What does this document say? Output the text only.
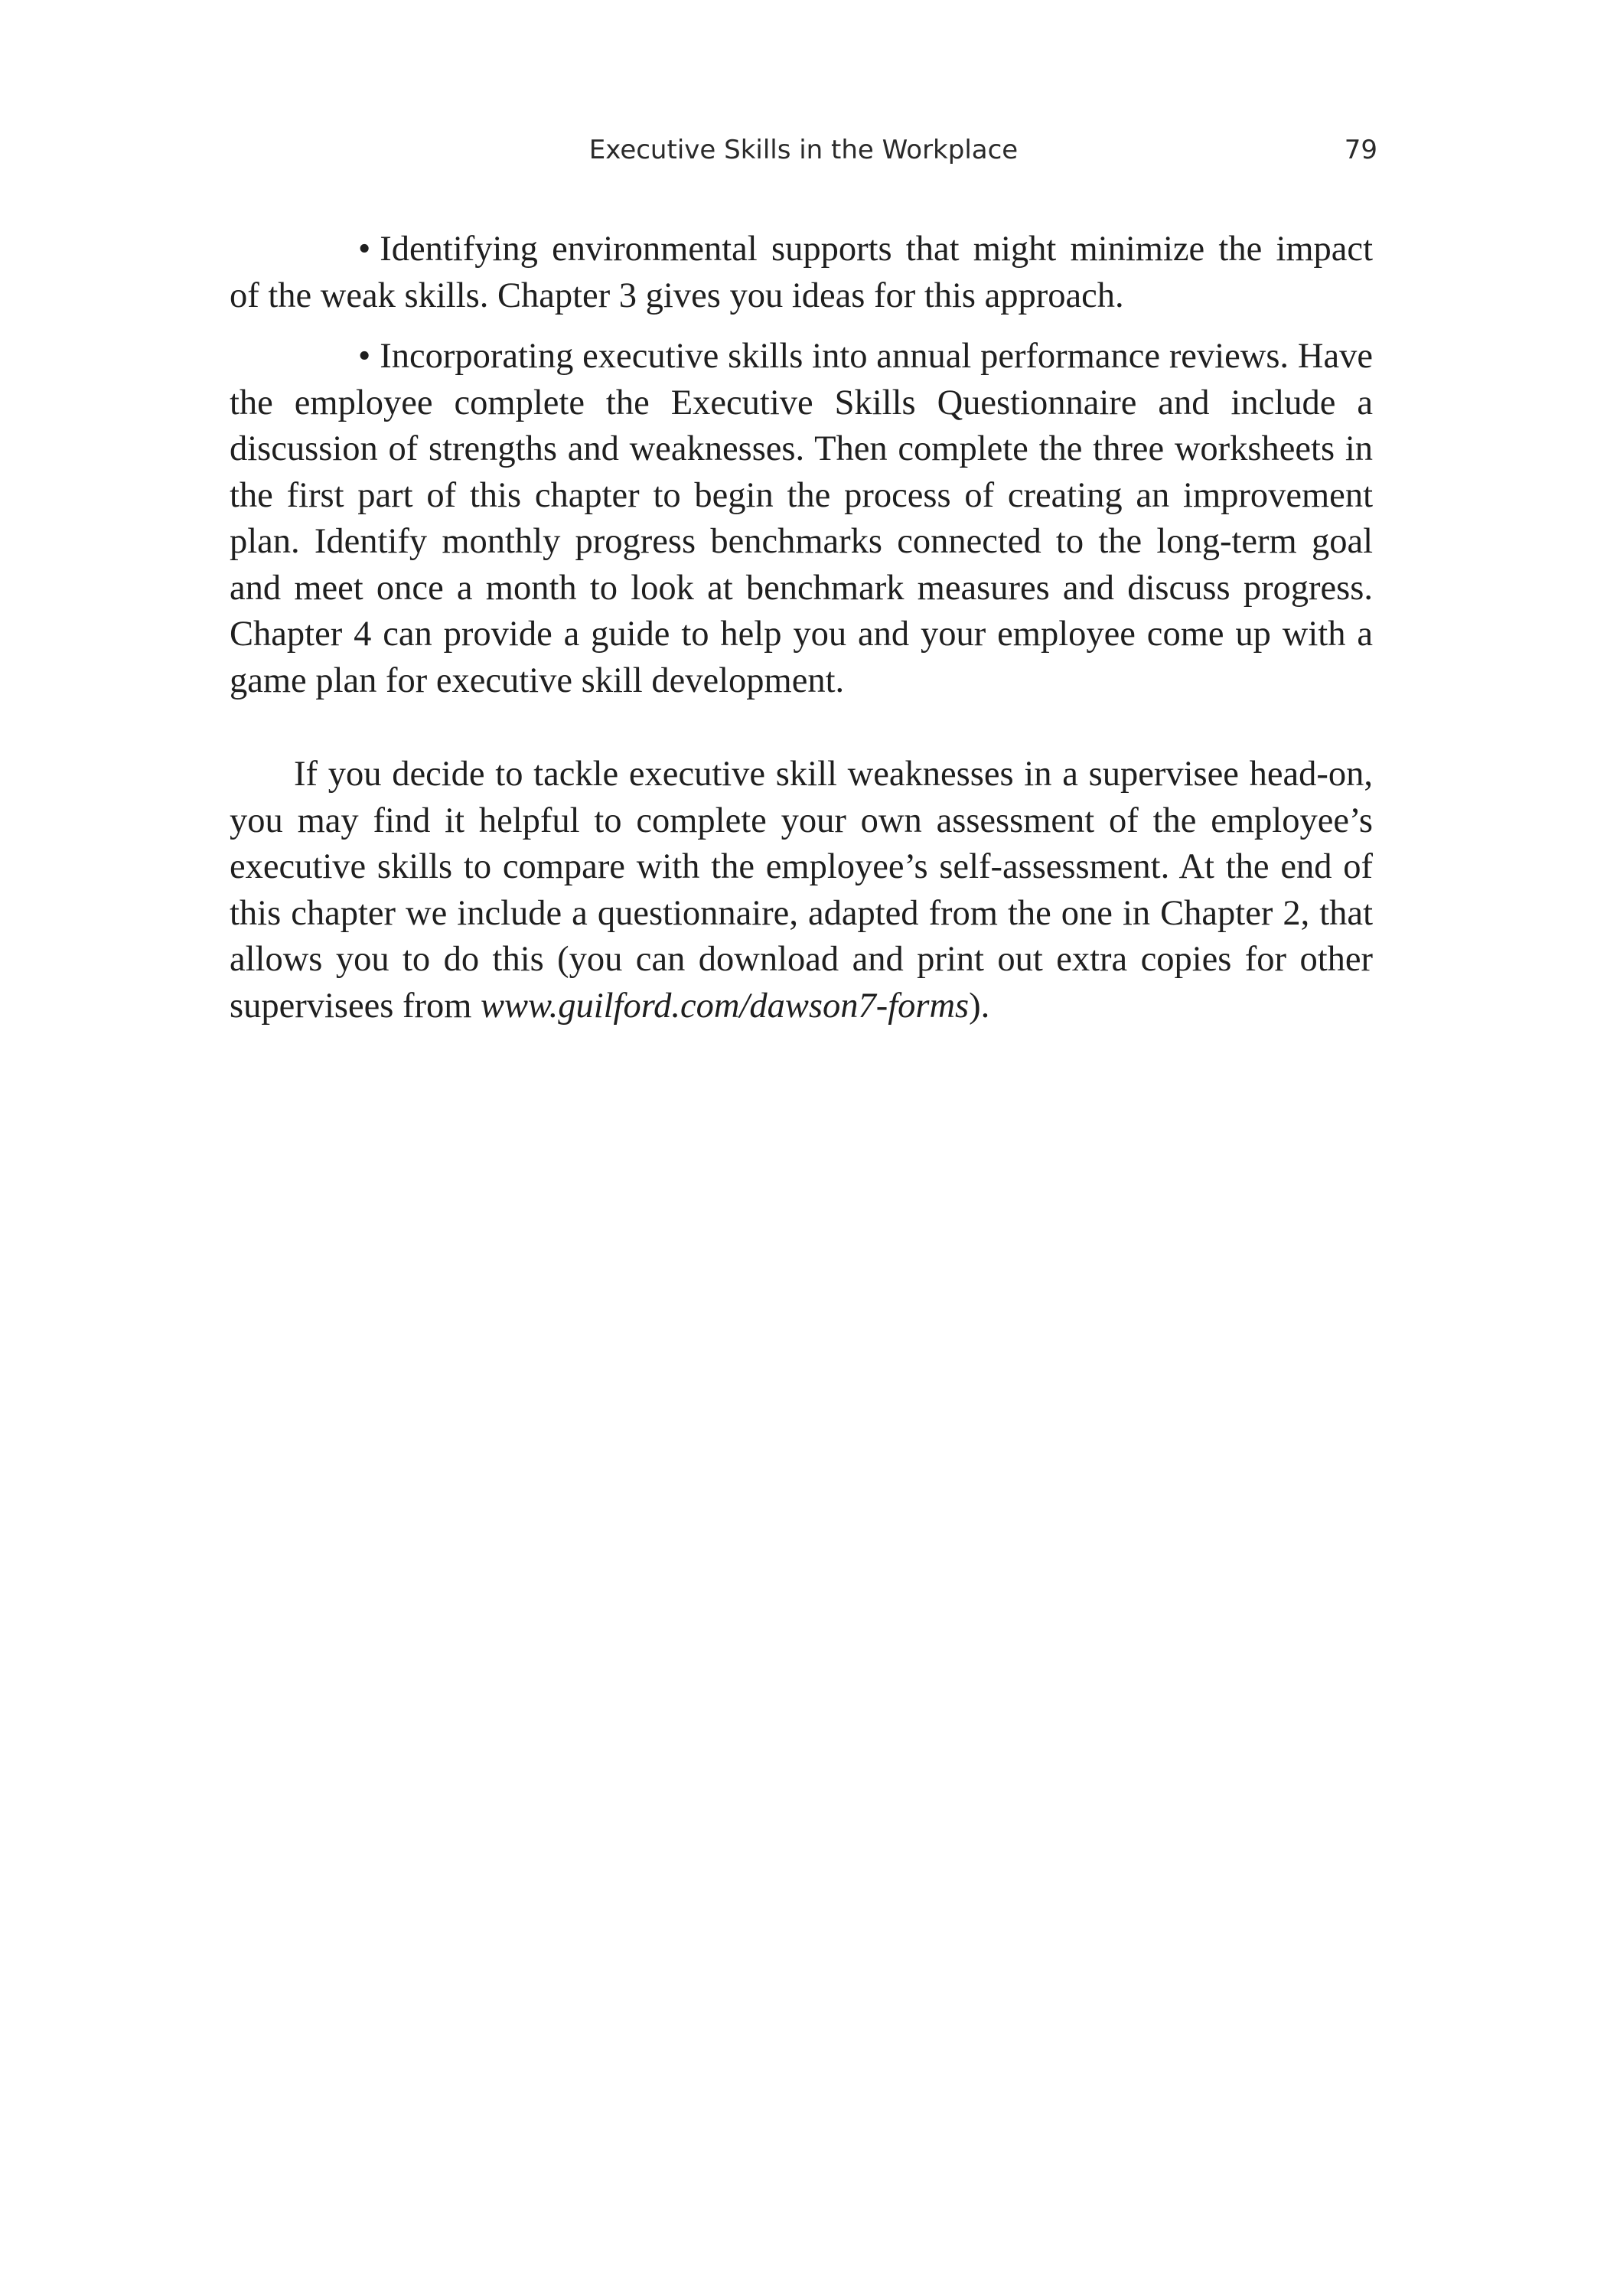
Executive Skills in the Workplace	79

• Identifying environmental supports that might minimize the impact of the weak skills. Chapter 3 gives you ideas for this approach.

• Incorporating executive skills into annual performance reviews. Have the employee complete the Executive Skills Questionnaire and include a discussion of strengths and weaknesses. Then complete the three worksheets in the first part of this chapter to begin the process of creating an improvement plan. Identify monthly progress benchmarks connected to the long-term goal and meet once a month to look at benchmark measures and discuss progress. Chapter 4 can provide a guide to help you and your employee come up with a game plan for executive skill development.

If you decide to tackle executive skill weaknesses in a supervisee head-on, you may find it helpful to complete your own assessment of the employee’s executive skills to compare with the employee’s self-assessment. At the end of this chapter we include a questionnaire, adapted from the one in Chapter 2, that allows you to do this (you can download and print out extra copies for other supervisees from www.guilford.com/dawson7-forms).
